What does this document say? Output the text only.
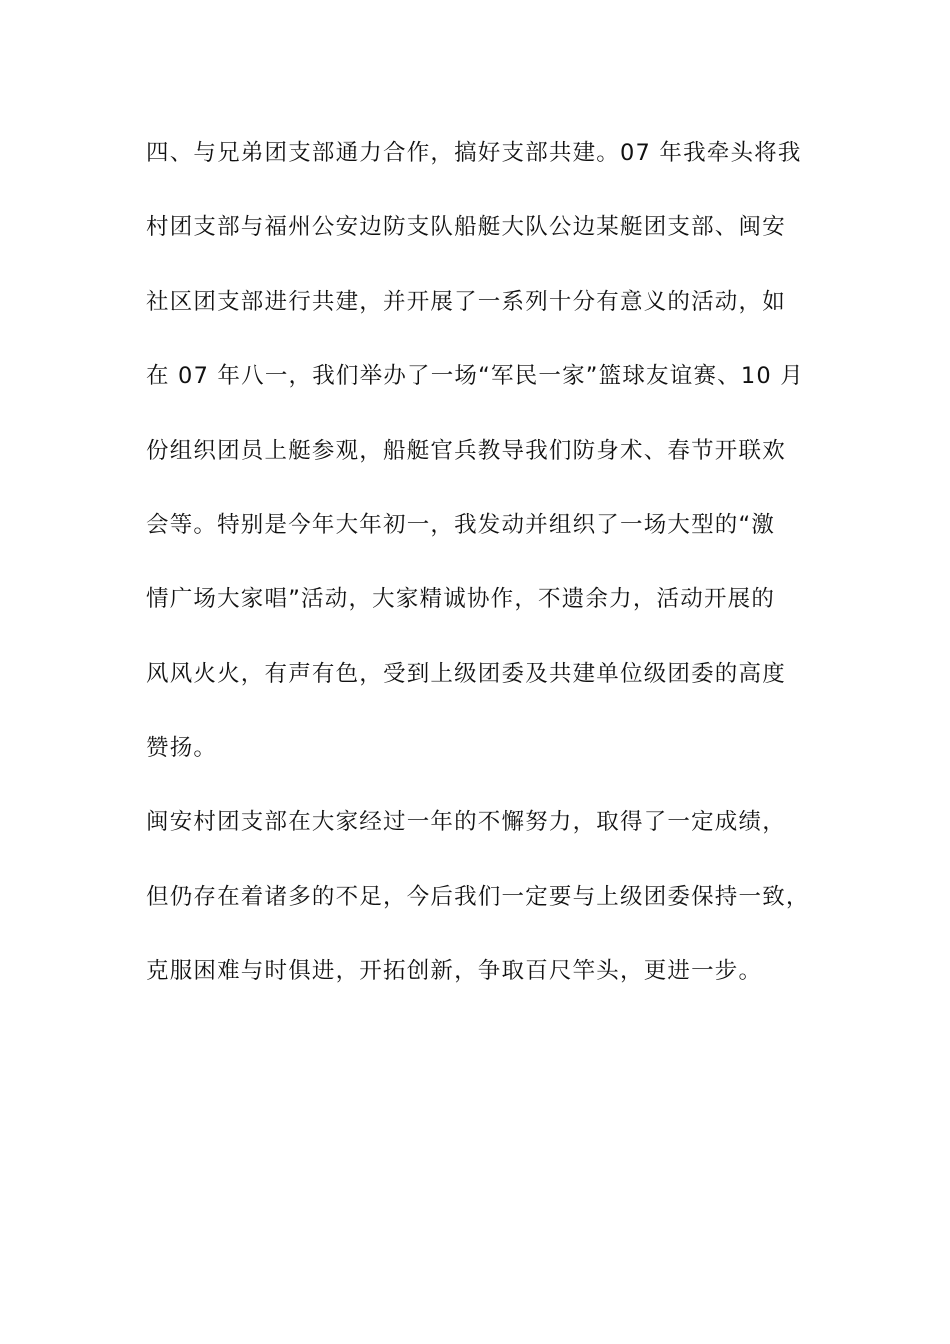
四、与兄弟团支部通力合作，搞好支部共建。07 年我牵头将我
村团支部与福州公安边防支队船艇大队公边某艇团支部、闽安
社区团支部进行共建，并开展了一系列十分有意义的活动，如
在 07 年八一，我们举办了一场“军民一家”篮球友谊赛、10 月
份组织团员上艇参观，船艇官兵教导我们防身术、春节开联欢
会等。特别是今年大年初一，我发动并组织了一场大型的“激
情广场大家唱”活动，大家精诚协作，不遗余力，活动开展的
风风火火，有声有色，受到上级团委及共建单位级团委的高度
赞扬。
闽安村团支部在大家经过一年的不懈努力，取得了一定成绩，
但仍存在着诸多的不足，今后我们一定要与上级团委保持一致，
克服困难与时俱进，开拓创新，争取百尺竿头，更进一步。
